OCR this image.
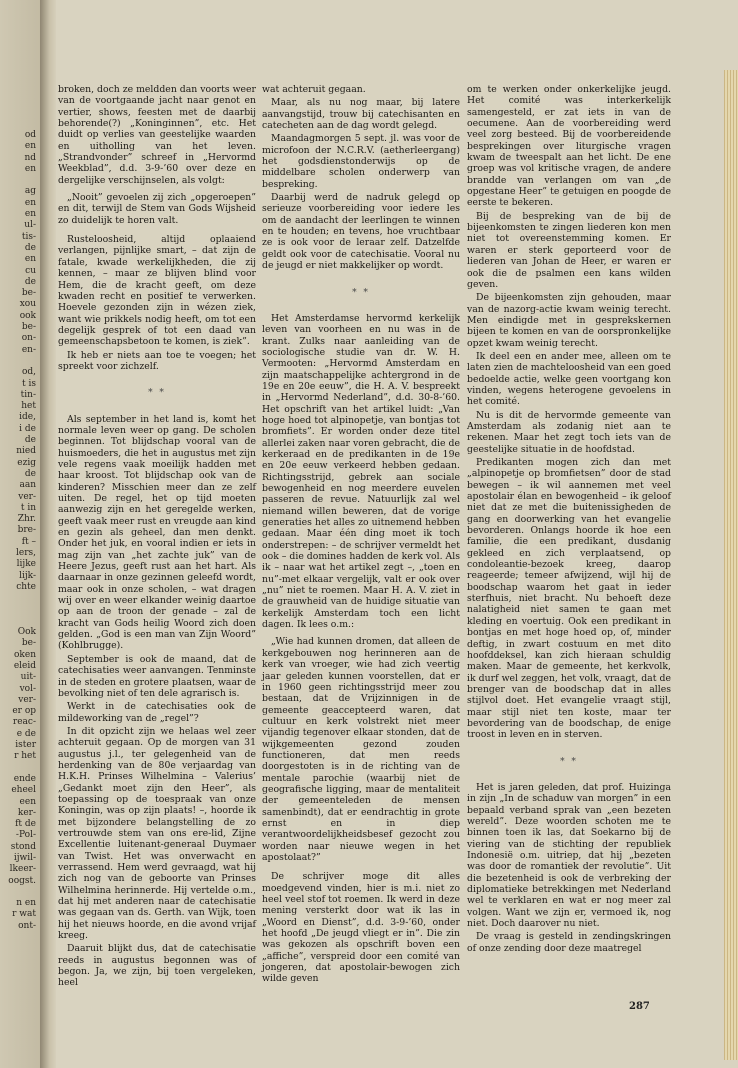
od
en
nd
en

ag
en
en
ul-
tis-
de
en
cu
de
be-
xou
ook
be-
on-
en-

od,
t is
tin-
het
ide,
i de
de
nied
ezig
de
aan
ver-
t in
Zhr.
bre-
ft –
lers,
lijke
lijk-
chte

Ook
be-
oken
eleid
uit-
vol-
ver-
er op
reac-
e de
ister
r het

ende
eheel
een
ker-
ft de
-Pol-
stond
ijwil-
lkeer-
oogst.

n en
r wat
ont-

broken, doch ze meldden dan voorts weer van de voortgaande jacht naar genot en vertier, shows, feesten met de daarbij behorende(?) „Koninginnen”, etc. Het duidt op verlies van geestelijke waarden en uitholling van het leven. „Strandvonder” schreef in „Hervormd Weekblad”, d.d. 3-9-’60 over deze en dergelijke verschijnselen, als volgt:

„Nooit” gevoelen zij zich „opgeroepen” en dit, terwijl de Stem van Gods Wijsheid zo duidelijk te horen valt.

Rusteloosheid, altijd oplaaiend verlangen, pijnlijke smart, – dat zijn de fatale, kwade werkelijkheden, die zij kennen, – maar ze blijven blind voor Hem, die de kracht geeft, om deze kwaden recht en positief te verwerken. Hoevele gezonden zijn in wézen ziek, want wie prikkels nodig heeft, om tot een degelijk gesprek of tot een daad van gemeenschapsbetoon te komen, is ziek”.

Ik heb er niets aan toe te voegen; het spreekt voor zichzelf.

* *

Als september in het land is, komt het normale leven weer op gang. De scholen beginnen. Tot blijdschap vooral van de huismoeders, die het in augustus met zijn vele regens vaak moeilijk hadden met haar kroost. Tot blijdschap ook van de kinderen? Misschien meer dan ze zelf uiten. De regel, het op tijd moeten aanwezig zijn en het geregelde werken, geeft vaak meer rust en vreugde aan kind en gezin als geheel, dan men denkt. Onder het juk, en vooral indien er iets in mag zijn van „het zachte juk” van de Heere Jezus, geeft rust aan het hart. Als daarnaar in onze gezinnen geleefd wordt, maar ook in onze scholen, – wat dragen wij over en weer elkander weinig daartoe op aan de troon der genade – zal de kracht van Gods heilig Woord zich doen gelden. „God is een man van Zijn Woord” (Kohlbrugge).

September is ook de maand, dat de catechisaties weer aanvangen. Tenminste in de steden en grotere plaatsen, waar de bevolking niet of ten dele agrarisch is.

Werkt in de catechisaties ook de mildeworking van de „regel”?

In dit opzicht zijn we helaas wel zeer achteruit gegaan. Op de morgen van 31 augustus j.l., ter gelegenheid van de herdenking van de 80e verjaardag van H.K.H. Prinses Wilhelmina – Valerius’ „Gedankt moet zijn den Heer”, als toepassing op de toespraak van onze Koningin, was op zijn plaats! –, hoorde ik met bijzondere belangstelling de zo vertrouwde stem van ons ere-lid, Zijne Excellentie luitenant-generaal Duymaer van Twist. Het was onverwacht en verrassend. Hem werd gevraagd, wat hij zich nog van de geboorte van Prinses Wilhelmina herinnerde. Hij vertelde o.m., dat hij met anderen naar de catechisatie was gegaan van ds. Gerth. van Wijk, toen hij het nieuws hoorde, en die avond vrijaf kreeg.

Daaruit blijkt dus, dat de catechisatie reeds in augustus begonnen was of begon. Ja, we zijn, bij toen vergeleken, heel

wat achteruit gegaan.

Maar, als nu nog maar, bij latere aanvangstijd, trouw bij catechisanten en catecheten aan de dag wordt gelegd.

Maandagmorgen 5 sept. jl. was voor de microfoon der N.C.R.V. (aetherleergang) het godsdienstonderwijs op de middelbare scholen onderwerp van bespreking.

Daarbij werd de nadruk gelegd op serieuze voorbereiding voor iedere les om de aandacht der leerlingen te winnen en te houden; en tevens, hoe vruchtbaar ze is ook voor de leraar zelf. Datzelfde geldt ook voor de catechisatie. Vooral nu de jeugd er niet makkelijker op wordt.

* *

Het Amsterdamse hervormd kerkelijk leven van voorheen en nu was in de krant. Zulks naar aanleiding van de sociologische studie van dr. W. H. Vermooten: „Hervormd Amsterdam en zijn maatschappelijke achtergrond in de 19e en 20e eeuw”, die H. A. V. bespreekt in „Hervormd Nederland”, d.d. 30-8-’60. Het opschrift van het artikel luidt: „Van hoge hoed tot alpinopetje, van bontjas tot bromfiets”. Er worden onder deze titel allerlei zaken naar voren gebracht, die de kerkeraad en de predikanten in de 19e en 20e eeuw verkeerd hebben gedaan. Richtingsstrijd, gebrek aan sociale bewogenheid en nog meerdere euvelen passeren de revue. Natuurlijk zal wel niemand willen beweren, dat de vorige generaties het alles zo uitnemend hebben gedaan. Maar één ding moet ik toch onderstrepen: – de schrijver vermeldt het ook – die domines hadden de kerk vol. Als ik – naar wat het artikel zegt –, „toen en nu”-met elkaar vergelijk, valt er ook over „nu” niet te roemen. Maar H. A. V. ziet in de grauwheid van de huidige situatie van kerkelijk Amsterdam toch een licht dagen. Ik lees o.m.:

„Wie had kunnen dromen, dat alleen de kerkgebouwen nog herinneren aan de kerk van vroeger, wie had zich veertig jaar geleden kunnen voorstellen, dat er in 1960 geen richtingsstrijd meer zou bestaan, dat de Vrijzinnigen in de gemeente geaccepteerd waren, dat cultuur en kerk volstrekt niet meer vijandig tegenover elkaar stonden, dat de wijkgemeenten gezond zouden functioneren, dat men reeds doorgestoten is in de richting van de mentale parochie (waarbij niet de geografische ligging, maar de mentaliteit der gemeenteleden de mensen samenbindt), dat er eendrachtig in grote ernst en in diep verantwoordelijkheidsbesef gezocht zou worden naar nieuwe wegen in het apostolaat?”

De schrijver moge dit alles moedgevend vinden, hier is m.i. niet zo heel veel stof tot roemen. Ik werd in deze mening versterkt door wat ik las in „Woord en Dienst”, d.d. 3-9-’60, onder het hoofd „De jeugd vliegt er in”. Die zin was gekozen als opschrift boven een „affiche”, verspreid door een comité van jongeren, dat apostolair-bewogen zich wilde geven

om te werken onder onkerkelijke jeugd. Het comité was interkerkelijk samengesteld, er zat iets in van de oecumene. Aan de voorbereiding werd veel zorg besteed. Bij de voorbereidende besprekingen over liturgische vragen kwam de tweespalt aan het licht. De ene groep was vol kritische vragen, de andere brandde van verlangen om van „de opgestane Heer” te getuigen en poogde de eerste te bekeren.

Bij de bespreking van de bij de bijeenkomsten te zingen liederen kon men niet tot overeenstemming komen. Er waren er sterk geporteerd voor de liederen van Johan de Heer, er waren er ook die de psalmen een kans wilden geven.

De bijeenkomsten zijn gehouden, maar van de nazorg-actie kwam weinig terecht. Men eindigde met in gesprekskernen bijeen te komen en van de oorspronkelijke opzet kwam weinig terecht.

Ik deel een en ander mee, alleen om te laten zien de machteloosheid van een goed bedoelde actie, welke geen voortgang kon vinden, wegens heterogene gevoelens in het comité.

Nu is dit de hervormde gemeente van Amsterdam als zodanig niet aan te rekenen. Maar het zegt toch iets van de geestelijke situatie in de hoofdstad.

Predikanten mogen zich dan met „alpinopetje op bromfietsen” door de stad bewegen – ik wil aannemen met veel apostolair élan en bewogenheid – ik geloof niet dat ze met die buitenissigheden de gang en doorwerking van het evangelie bevorderen. Onlangs hoorde ik hoe een familie, die een predikant, dusdanig gekleed en zich verplaatsend, op condoleantie-bezoek kreeg, daarop reageerde; temeer afwijzend, wijl hij de boodschap waarom het gaat in ieder sterfhuis, niet bracht. Nu behoeft deze nalatigheid niet samen te gaan met kleding en voertuig. Ook een predikant in bontjas en met hoge hoed op, of, minder deftig, in zwart costuum en met dito hoofddeksel, kan zich hieraan schuldig maken. Maar de gemeente, het kerkvolk, ik durf wel zeggen, het volk, vraagt, dat de brenger van de boodschap dat in alles stijlvol doet. Het evangelie vraagt stijl, maar stijl niet ten koste, maar ter bevordering van de boodschap, de enige troost in leven en in sterven.

* *

Het is jaren geleden, dat prof. Huizinga in zijn „In de schaduw van morgen” in een bepaald verband sprak van „een bezeten wereld”. Deze woorden schoten me te binnen toen ik las, dat Soekarno bij de viering van de stichting der republiek Indonesië o.m. uitriep, dat hij „bezeten was door de romantiek der revolutie”. Uit die bezetenheid is ook de verbreking der diplomatieke betrekkingen met Nederland wel te verklaren en wat er nog meer zal volgen. Want we zijn er, vermoed ik, nog niet. Doch daarover nu niet.

De vraag is gesteld in zendingskringen of onze zending door deze maatregel

287
